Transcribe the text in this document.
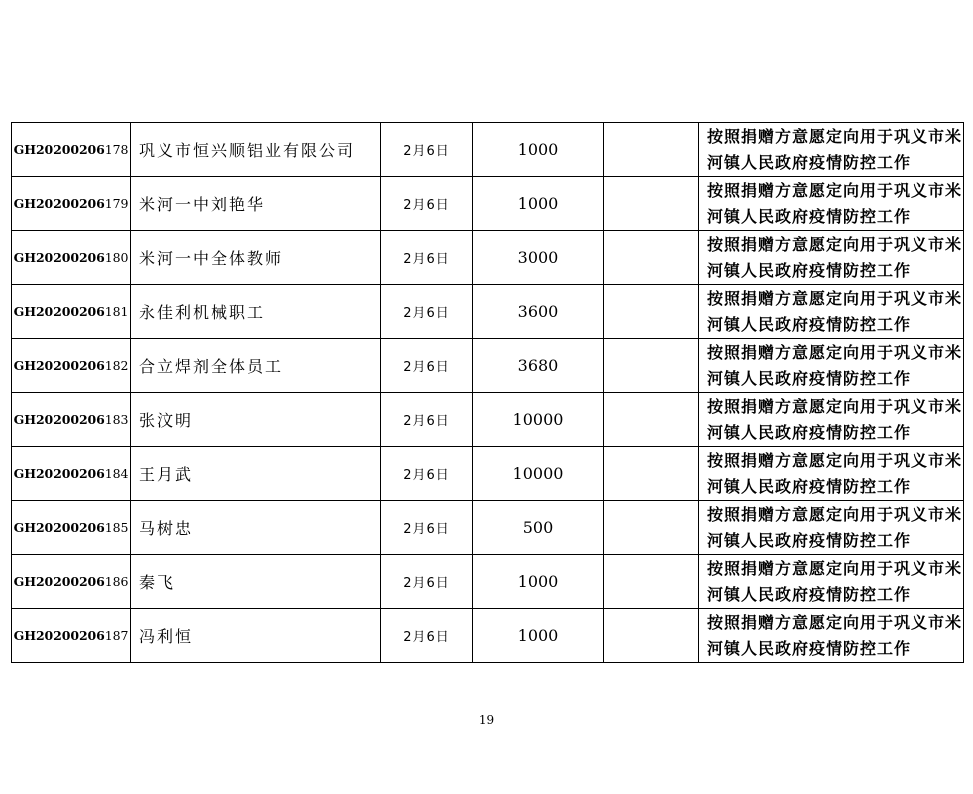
GH20200206178	巩义市恒兴顺铝业有限公司	2月6日	1000		按照捐赠方意愿定向用于巩义市米河镇人民政府疫情防控工作
GH20200206179	米河一中刘艳华	2月6日	1000		按照捐赠方意愿定向用于巩义市米河镇人民政府疫情防控工作
GH20200206180	米河一中全体教师	2月6日	3000		按照捐赠方意愿定向用于巩义市米河镇人民政府疫情防控工作
GH20200206181	永佳利机械职工	2月6日	3600		按照捐赠方意愿定向用于巩义市米河镇人民政府疫情防控工作
GH20200206182	合立焊剂全体员工	2月6日	3680		按照捐赠方意愿定向用于巩义市米河镇人民政府疫情防控工作
GH20200206183	张汶明	2月6日	10000		按照捐赠方意愿定向用于巩义市米河镇人民政府疫情防控工作
GH20200206184	王月武	2月6日	10000		按照捐赠方意愿定向用于巩义市米河镇人民政府疫情防控工作
GH20200206185	马树忠	2月6日	500		按照捐赠方意愿定向用于巩义市米河镇人民政府疫情防控工作
GH20200206186	秦飞	2月6日	1000		按照捐赠方意愿定向用于巩义市米河镇人民政府疫情防控工作
GH20200206187	冯利恒	2月6日	1000		按照捐赠方意愿定向用于巩义市米河镇人民政府疫情防控工作
19
